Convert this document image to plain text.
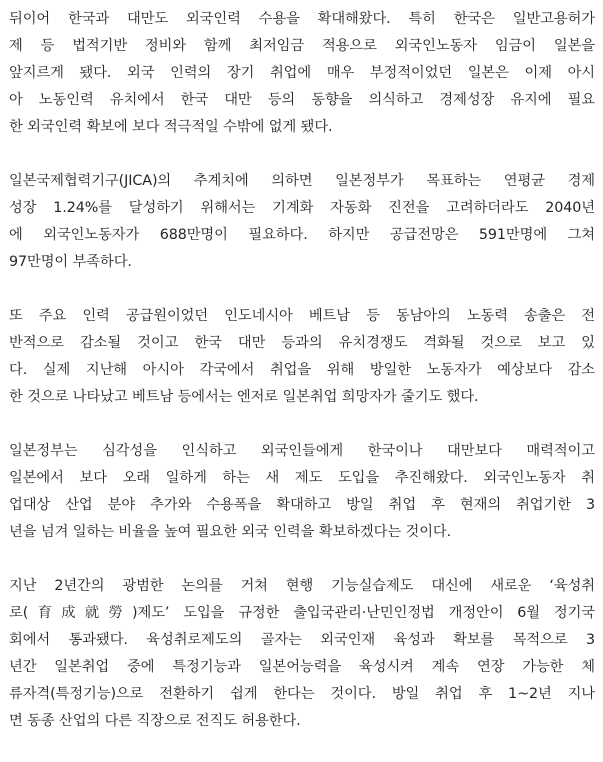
뒤이어 한국과 대만도 외국인력 수용을 확대해왔다. 특히 한국은 일반고용허가
제 등 법적기반 정비와 함께 최저임금 적용으로 외국인노동자 임금이 일본을
앞지르게 됐다. 외국 인력의 장기 취업에 매우 부정적이었던 일본은 이제 아시
아 노동인력 유치에서 한국 대만 등의 동향을 의식하고 경제성장 유지에 필요
한 외국인력 확보에 보다 적극적일 수밖에 없게 됐다.
일본국제협력기구(JICA)의 추계치에 의하면 일본정부가 목표하는 연평균 경제
성장 1.24%를 달성하기 위해서는 기계화 자동화 진전을 고려하더라도 2040년
에 외국인노동자가 688만명이 필요하다. 하지만 공급전망은 591만명에 그쳐
97만명이 부족하다.
또 주요 인력 공급원이었던 인도네시아 베트남 등 동남아의 노동력 송출은 전
반적으로 감소될 것이고 한국 대만 등과의 유치경쟁도 격화될 것으로 보고 있
다. 실제 지난해 아시아 각국에서 취업을 위해 방일한 노동자가 예상보다 감소
한 것으로 나타났고 베트남 등에서는 엔저로 일본취업 희망자가 줄기도 했다.
일본정부는 심각성을 인식하고 외국인들에게 한국이나 대만보다 매력적이고
일본에서 보다 오래 일하게 하는 새 제도 도입을 추진해왔다. 외국인노동자 취
업대상 산업 분야 추가와 수용폭을 확대하고 방일 취업 후 현재의 취업기한 3
년을 넘겨 일하는 비율을 높여 필요한 외국 인력을 확보하겠다는 것이다.
지난 2년간의 광범한 논의를 거쳐 현행 기능실습제도 대신에 새로운 ‘육성취
로(育成就勞)제도’ 도입을 규정한 출입국관리·난민인정법 개정안이 6월 정기국
회에서 통과됐다. 육성취로제도의 골자는 외국인재 육성과 확보를 목적으로 3
년간 일본취업 중에 특정기능과 일본어능력을 육성시켜 계속 연장 가능한 체
류자격(특정기능)으로 전환하기 쉽게 한다는 것이다. 방일 취업 후 1~2년 지나
면 동종 산업의 다른 직장으로 전직도 허용한다.
